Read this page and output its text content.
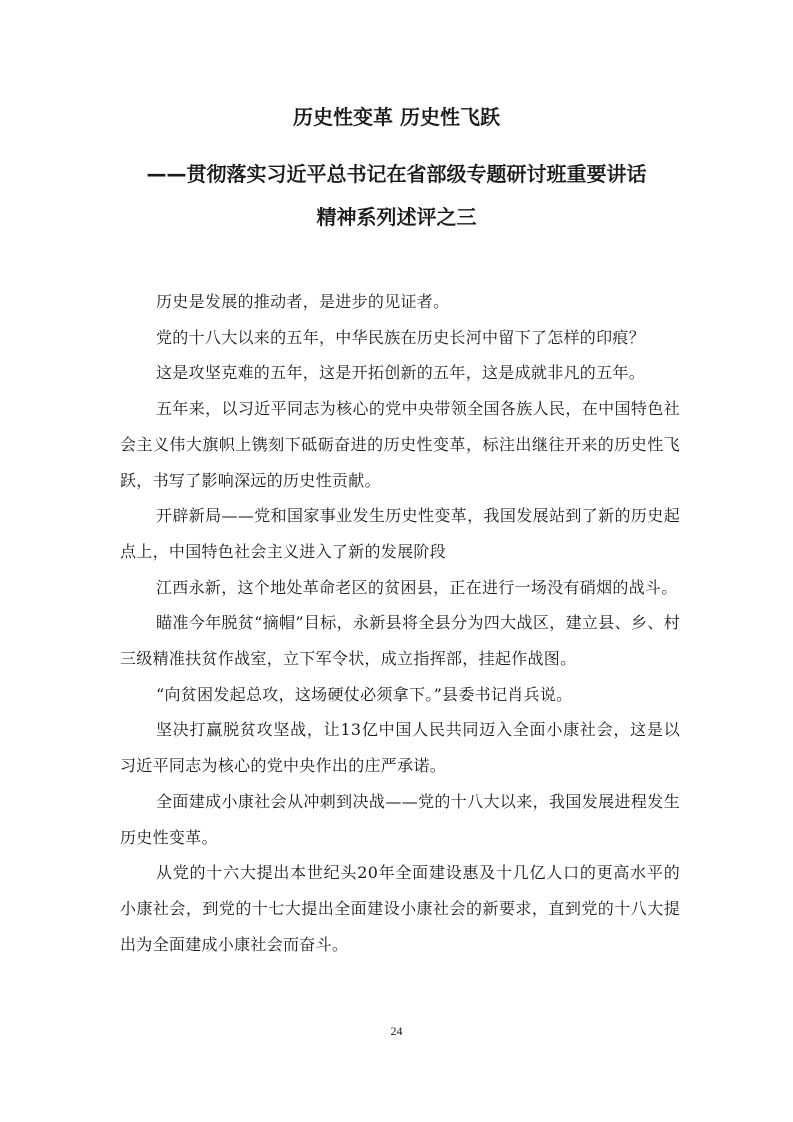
历史性变革 历史性飞跃
——贯彻落实习近平总书记在省部级专题研讨班重要讲话
精神系列述评之三

历史是发展的推动者，是进步的见证者。

党的十八大以来的五年，中华民族在历史长河中留下了怎样的印痕？

这是攻坚克难的五年，这是开拓创新的五年，这是成就非凡的五年。

五年来，以习近平同志为核心的党中央带领全国各族人民，在中国特色社会主义伟大旗帜上镌刻下砥砺奋进的历史性变革，标注出继往开来的历史性飞跃，书写了影响深远的历史性贡献。

开辟新局——党和国家事业发生历史性变革，我国发展站到了新的历史起点上，中国特色社会主义进入了新的发展阶段

江西永新，这个地处革命老区的贫困县，正在进行一场没有硝烟的战斗。

瞄准今年脱贫“摘帽”目标，永新县将全县分为四大战区，建立县、乡、村三级精准扶贫作战室，立下军令状，成立指挥部，挂起作战图。

“向贫困发起总攻，这场硬仗必须拿下。”县委书记肖兵说。

坚决打赢脱贫攻坚战，让13亿中国人民共同迈入全面小康社会，这是以习近平同志为核心的党中央作出的庄严承诺。

全面建成小康社会从冲刺到决战——党的十八大以来，我国发展进程发生历史性变革。

从党的十六大提出本世纪头20年全面建设惠及十几亿人口的更高水平的小康社会，到党的十七大提出全面建设小康社会的新要求，直到党的十八大提出为全面建成小康社会而奋斗。

24
